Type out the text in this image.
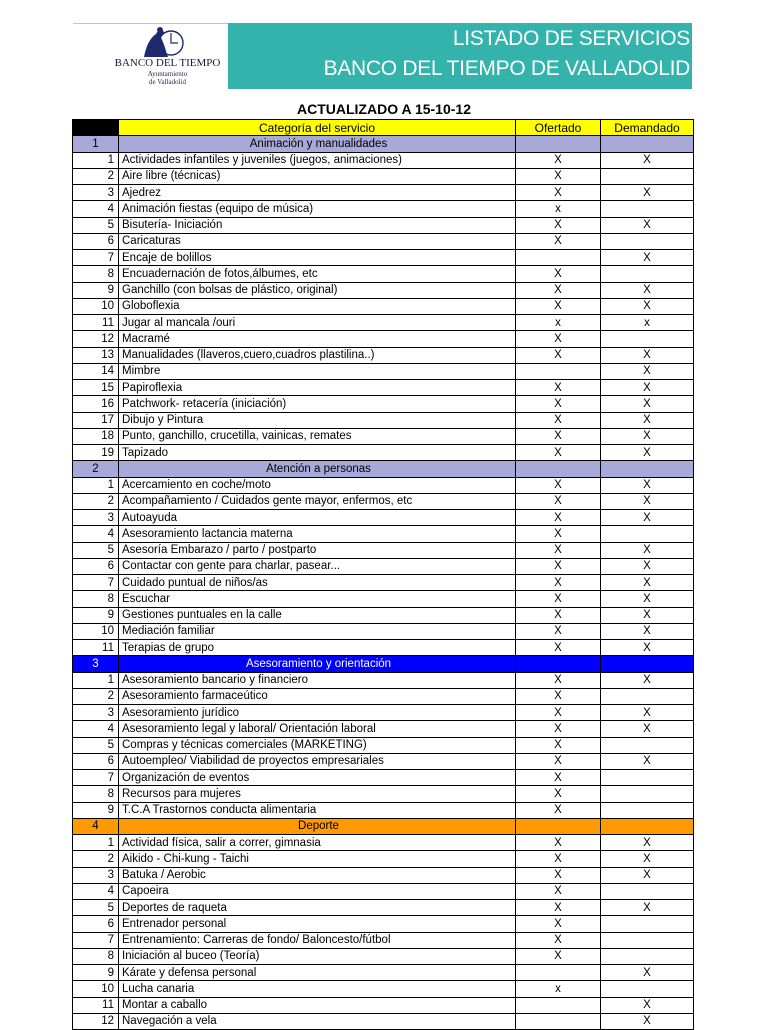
BANCO DEL TIEMPO
Ayuntamiento
de Valladolid
LISTADO DE SERVICIOS
BANCO DEL TIEMPO DE VALLADOLID
ACTUALIZADO A 15-10-12
	Categoría del servicio	Ofertado	Demandado
1	Animación y manualidades		
1	Actividades infantiles y juveniles (juegos, animaciones)	X	X
2	Aire libre (técnicas)	X	
3	Ajedrez	X	X
4	Animación fiestas (equipo de música)	x	
5	Bisutería- Iniciación	X	X
6	Caricaturas	X	
7	Encaje de bolillos		X
8	Encuadernación de fotos,álbumes, etc	X	
9	Ganchillo (con bolsas de plástico, original)	X	X
10	Globoflexia	X	X
11	Jugar al mancala /ouri	x	x
12	Macramé	X	
13	Manualidades (llaveros,cuero,cuadros plastilina..)	X	X
14	Mimbre		X
15	Papiroflexia	X	X
16	Patchwork- retacería (iniciación)	X	X
17	Dibujo y Pintura	X	X
18	Punto, ganchillo, crucetilla, vainicas, remates	X	X
19	Tapizado	X	X
2	Atención a personas		
1	Acercamiento en coche/moto	X	X
2	Acompañamiento / Cuidados gente mayor, enfermos, etc	X	X
3	Autoayuda	X	X
4	Asesoramiento lactancia materna	X	
5	Asesoría Embarazo / parto / postparto	X	X
6	Contactar con gente para charlar, pasear...	X	X
7	Cuidado puntual de niños/as	X	X
8	Escuchar	X	X
9	Gestiones puntuales en la calle	X	X
10	Mediación familiar	X	X
11	Terapias de grupo	X	X
3	Asesoramiento y orientación		
1	Asesoramiento bancario y financiero	X	X
2	Asesoramiento farmaceútico	X	
3	Asesoramiento jurídico	X	X
4	Asesoramiento legal y laboral/ Orientación laboral	X	X
5	Compras y técnicas comerciales (MARKETING)	X	
6	Autoempleo/ Viabilidad de proyectos empresariales	X	X
7	Organización de eventos	X	
8	Recursos para mujeres	X	
9	T.C.A Trastornos conducta alimentaria	X	
4	Deporte		
1	Actividad física, salir a correr, gimnasia	X	X
2	Aikido - Chi-kung - Taichi	X	X
3	Batuka / Aerobic	X	X
4	Capoeira	X	
5	Deportes de raqueta	X	X
6	Entrenador personal	X	
7	Entrenamiento: Carreras de fondo/ Baloncesto/fútbol	X	
8	Iniciación al buceo (Teoría)	X	
9	Kárate y defensa personal		X
10	Lucha canaria	x	
11	Montar a caballo		X
12	Navegación a vela		X
